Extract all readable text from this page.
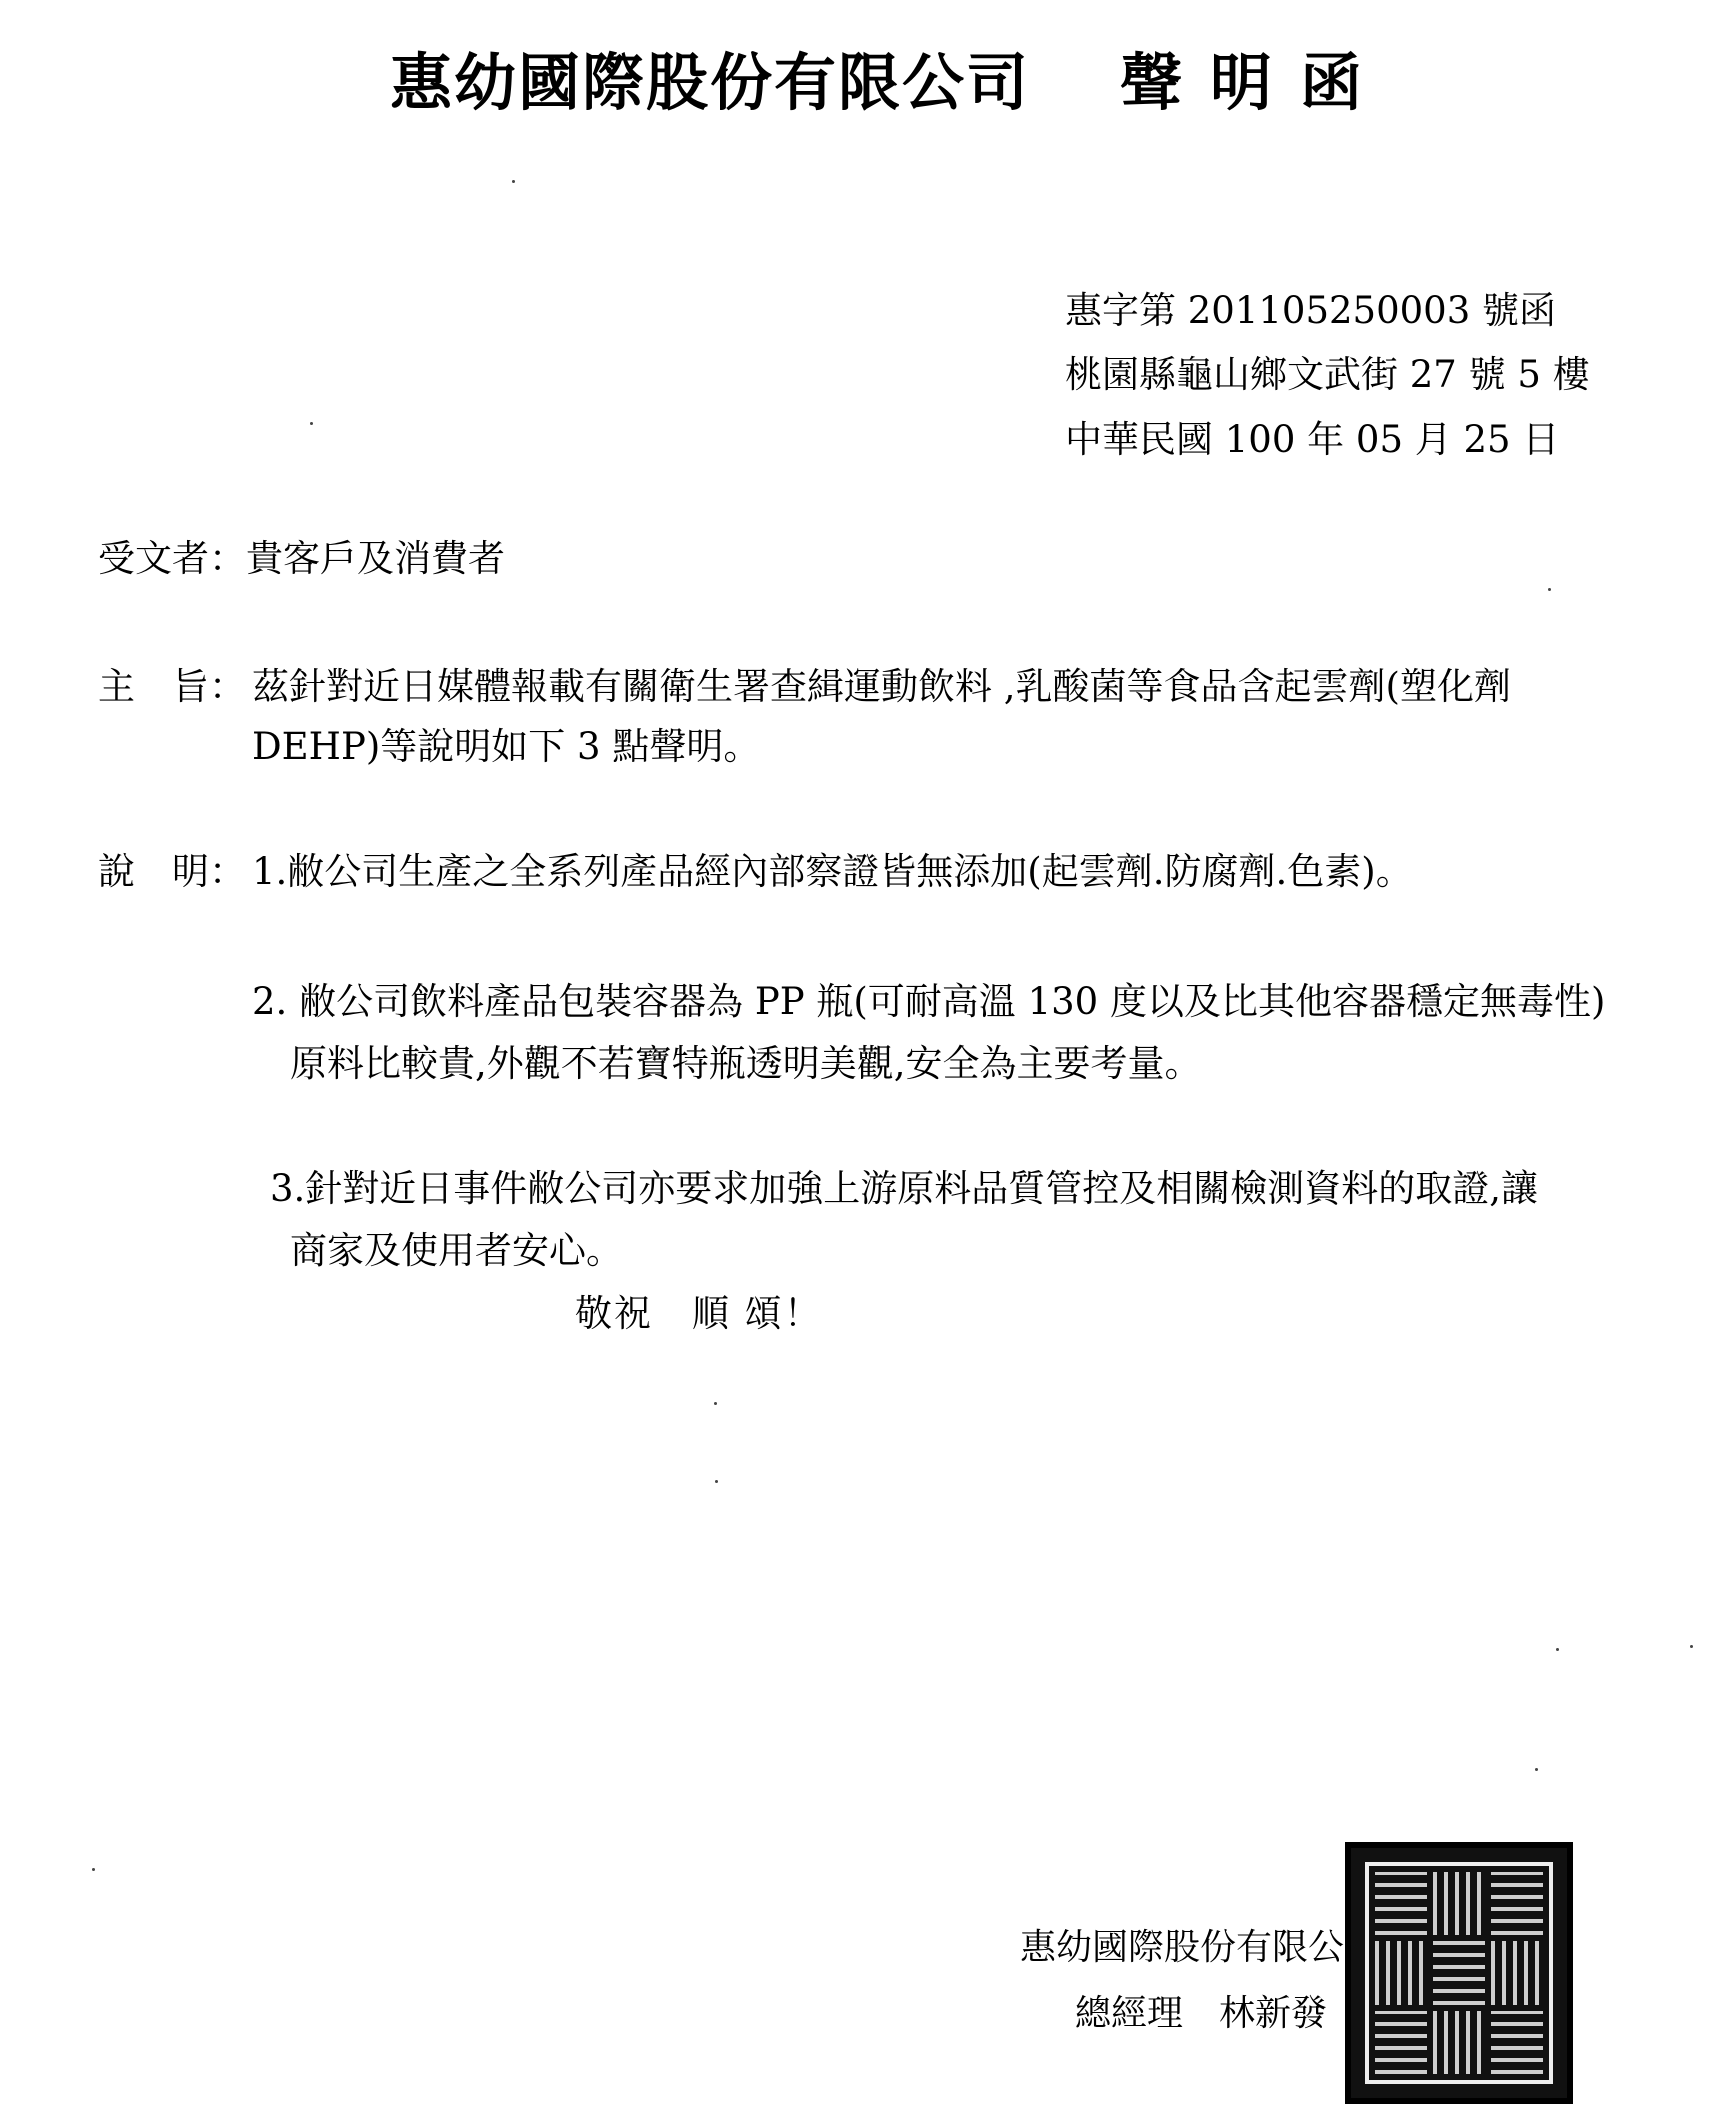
惠幼國際股份有限公司 聲明函
惠字第 201105250003 號函
桃園縣龜山鄉文武街 27 號 5 樓
中華民國 100 年 05 月 25 日
受文者：貴客戶及消費者
主　旨： 茲針對近日媒體報載有關衛生署查緝運動飲料 ,乳酸菌等食品含起雲劑(塑化劑
DEHP)等說明如下 3 點聲明。
說　明： 1.敝公司生產之全系列產品經內部察證皆無添加(起雲劑.防腐劑.色素)。
2. 敝公司飲料產品包裝容器為 PP 瓶(可耐高溫 130 度以及比其他容器穩定無毒性)
原料比較貴,外觀不若寶特瓶透明美觀,安全為主要考量。
3.針對近日事件敝公司亦要求加強上游原料品質管控及相關檢測資料的取證,讓
商家及使用者安心。
敬祝　順 頌！
惠幼國際股份有限公
總經理　林新發
